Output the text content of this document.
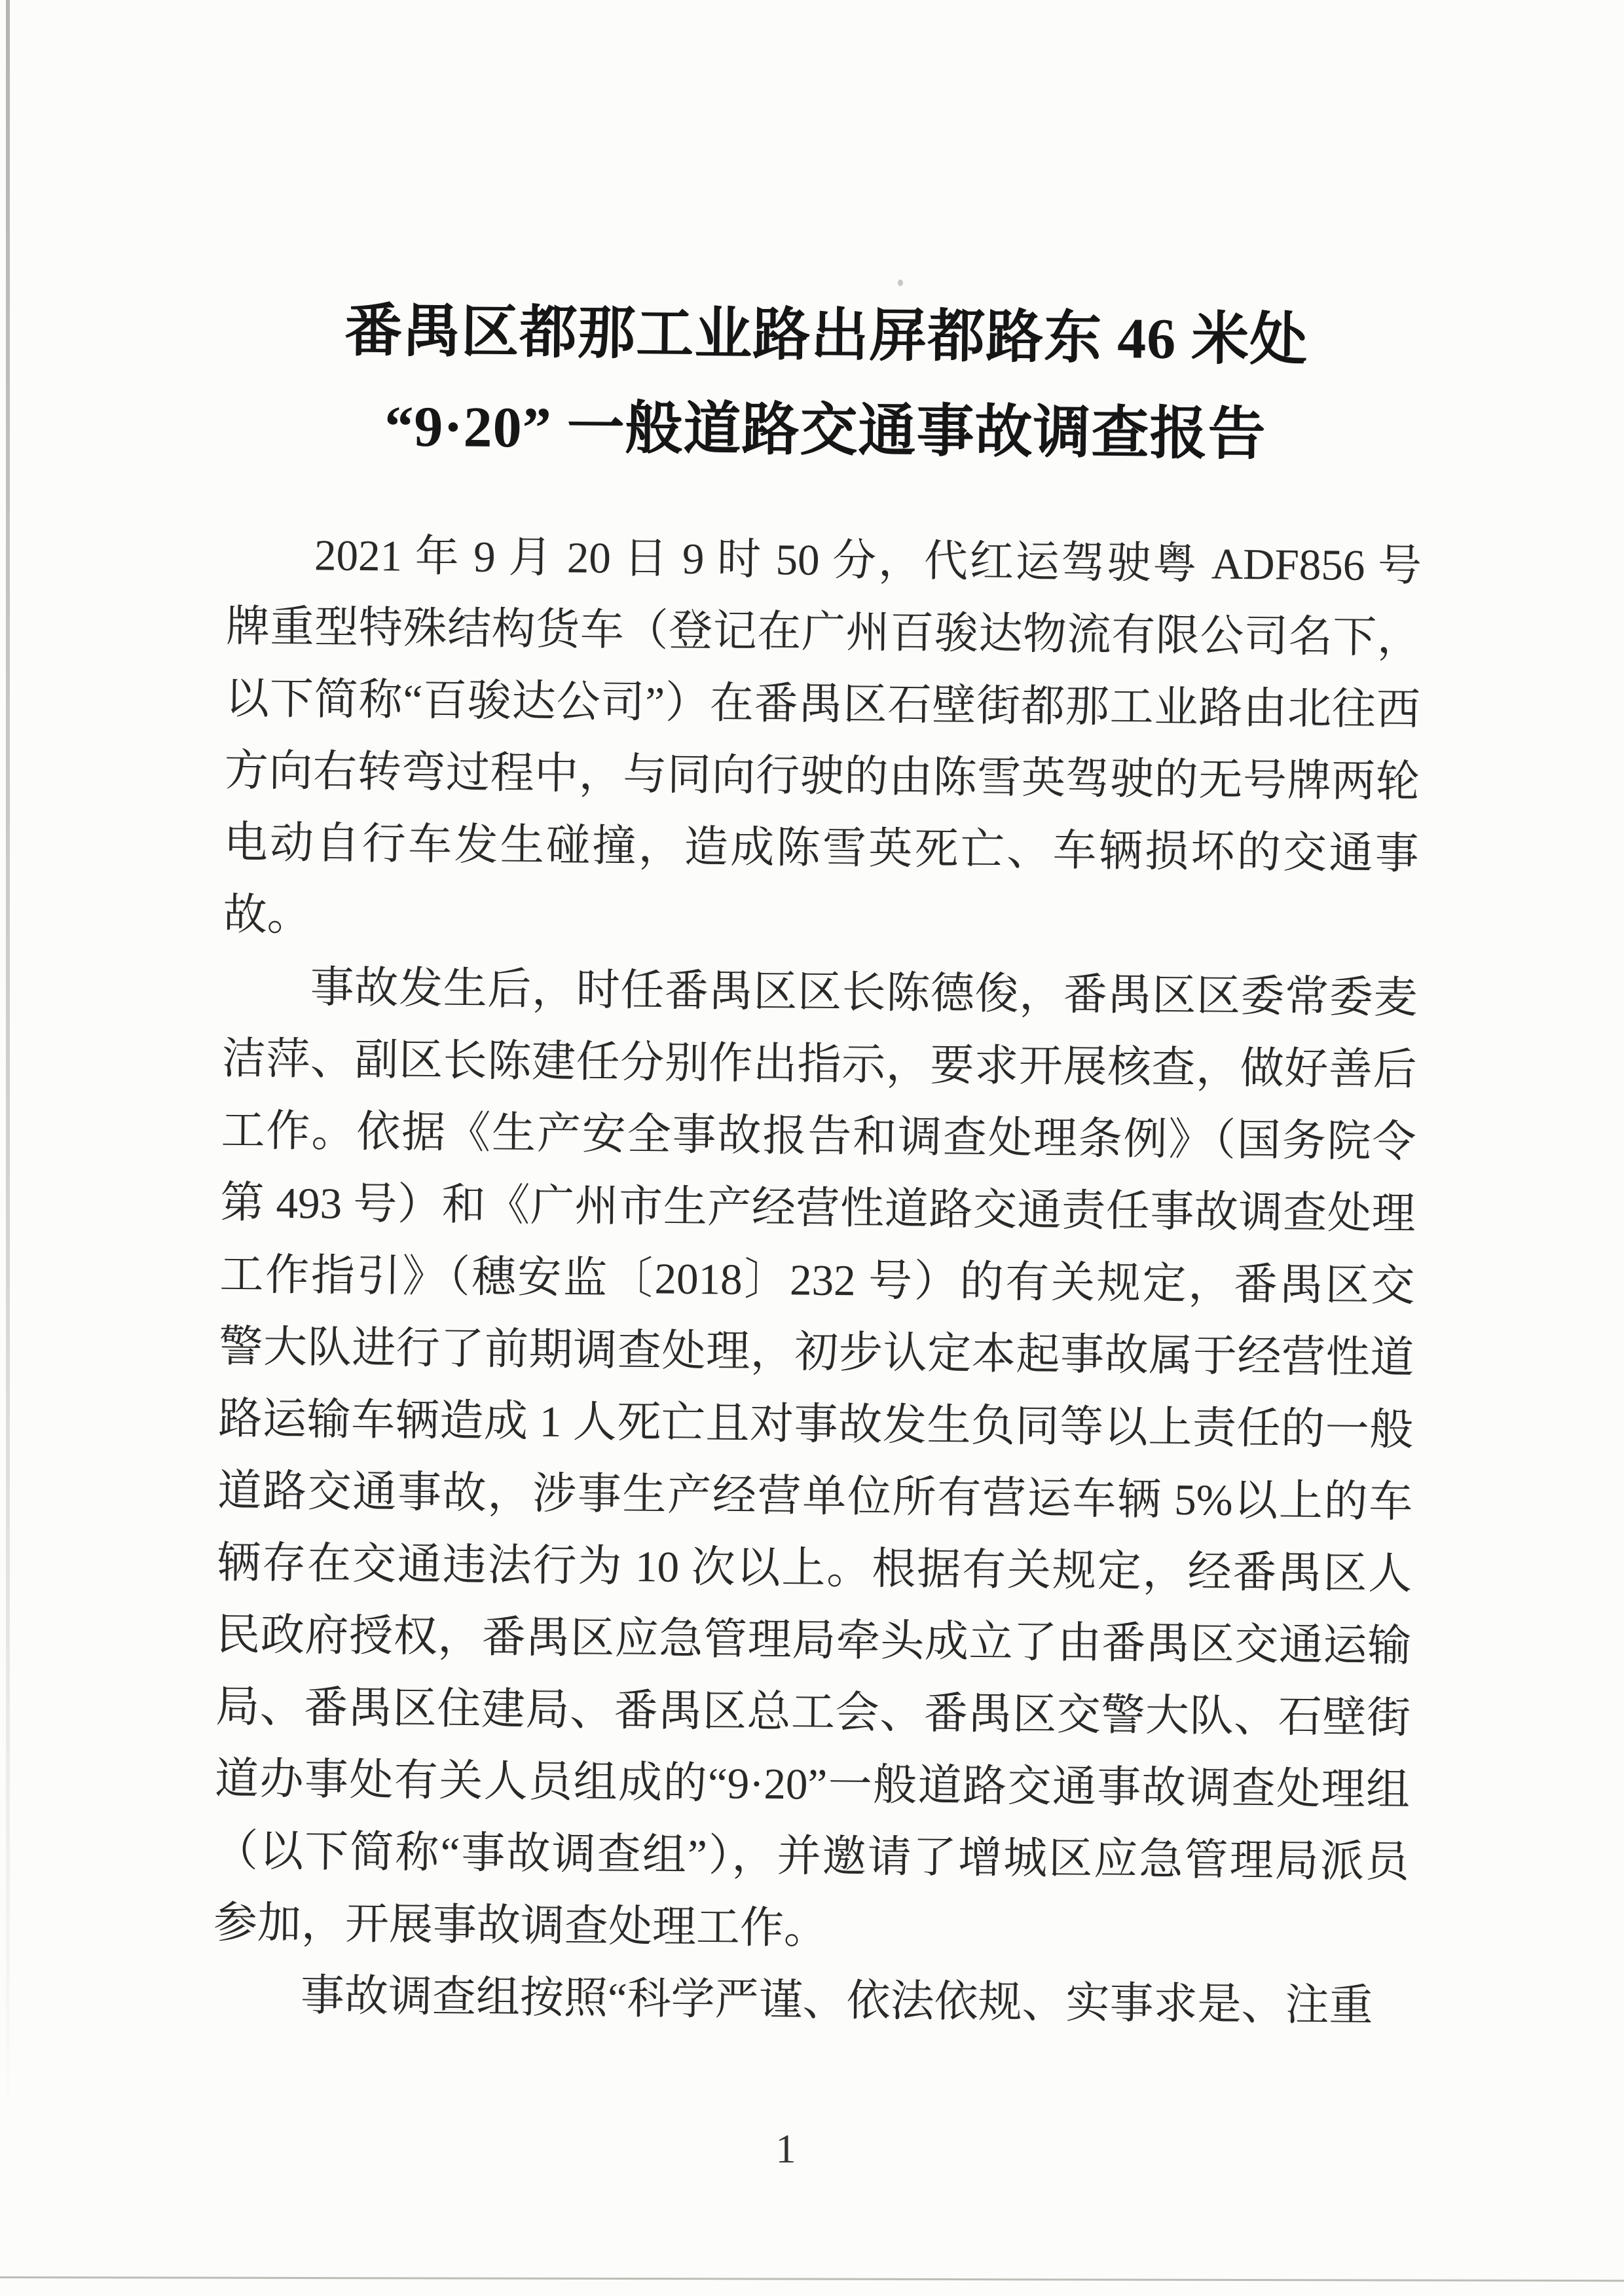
番禺区都那工业路出屏都路东 46 米处
“9·20” 一般道路交通事故调查报告

2021 年 9 月 20 日 9 时 50 分，代红运驾驶粤 ADF856 号牌重型特殊结构货车（登记在广州百骏达物流有限公司名下，以下简称“百骏达公司”）在番禺区石壁街都那工业路由北往西方向右转弯过程中，与同向行驶的由陈雪英驾驶的无号牌两轮电动自行车发生碰撞，造成陈雪英死亡、车辆损坏的交通事故。

事故发生后，时任番禺区区长陈德俊，番禺区区委常委麦洁萍、副区长陈建任分别作出指示，要求开展核查，做好善后工作。依据《生产安全事故报告和调查处理条例》（国务院令第 493 号）和《广州市生产经营性道路交通责任事故调查处理工作指引》（穗安监〔2018〕232 号）的有关规定，番禺区交警大队进行了前期调查处理，初步认定本起事故属于经营性道路运输车辆造成 1 人死亡且对事故发生负同等以上责任的一般道路交通事故，涉事生产经营单位所有营运车辆 5%以上的车辆存在交通违法行为 10 次以上。根据有关规定，经番禺区人民政府授权，番禺区应急管理局牵头成立了由番禺区交通运输局、番禺区住建局、番禺区总工会、番禺区交警大队、石壁街道办事处有关人员组成的“9·20”一般道路交通事故调查处理组（以下简称“事故调查组”），并邀请了增城区应急管理局派员参加，开展事故调查处理工作。

事故调查组按照“科学严谨、依法依规、实事求是、注重

1
